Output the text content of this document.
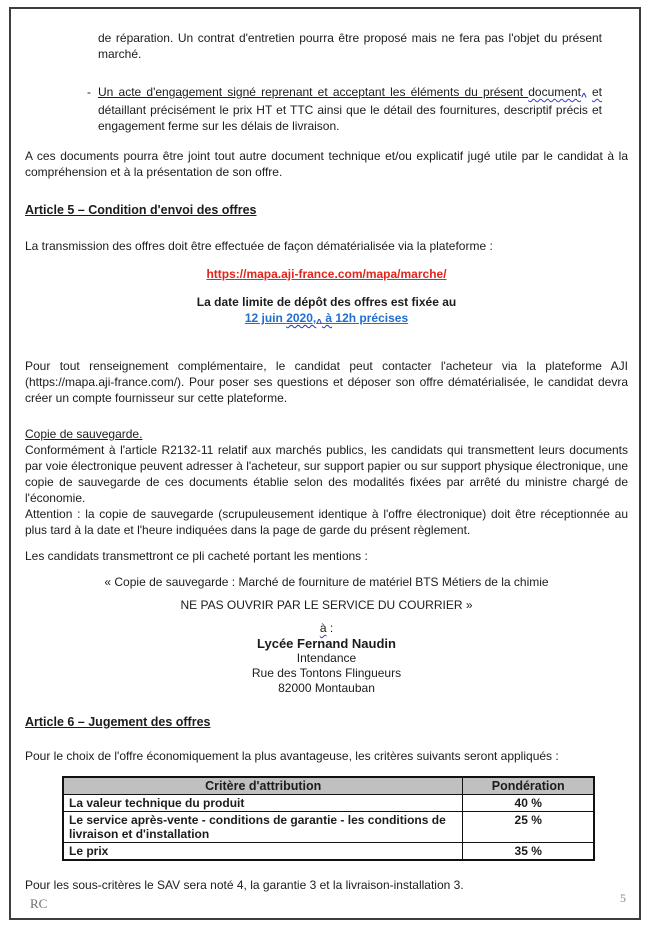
de réparation. Un contrat d'entretien pourra être proposé mais ne fera pas l'objet du présent marché.

- Un acte d'engagement signé reprenant et acceptant les éléments du présent document$_{\^{}}$ et détaillant précisément le prix HT et TTC ainsi que le détail des fournitures, descriptif précis et engagement ferme sur les délais de livraison.

A ces documents pourra être joint tout autre document technique et/ou explicatif jugé utile par le candidat à la compréhension et à la présentation de son offre.

Article 5 – Condition d'envoi des offres

La transmission des offres doit être effectuée de façon dématérialisée via la plateforme :

https://mapa.aji-france.com/mapa/marche/

La date limite de dépôt des offres est fixée au

12 juin $2020,_{\^{}}$ à 12h précises

Pour tout renseignement complémentaire, le candidat peut contacter l'acheteur via la plateforme AJI (https://mapa.aji-france.com/). Pour poser ses questions et déposer son offre dématérialisée, le candidat devra créer un compte fournisseur sur cette plateforme.

Copie de sauvegarde.

Conformément à l'article R2132-11 relatif aux marchés publics, les candidats qui transmettent leurs documents par voie électronique peuvent adresser à l'acheteur, sur support papier ou sur support physique électronique, une copie de sauvegarde de ces documents établie selon des modalités fixées par arrêté du ministre chargé de l'économie.

Attention : la copie de sauvegarde (scrupuleusement identique à l'offre électronique) doit être réceptionnée au plus tard à la date et l'heure indiquées dans la page de garde du présent règlement.

Les candidats transmettront ce pli cacheté portant les mentions :

« Copie de sauvegarde : Marché de fourniture de matériel BTS Métiers de la chimie

NE PAS OUVRIR PAR LE SERVICE DU COURRIER »

à :

Lycée Fernand Naudin

Intendance

Rue des Tontons Flingueurs

82000 Montauban

Article 6 – Jugement des offres

Pour le choix de l'offre économiquement la plus avantageuse, les critères suivants seront appliqués :

Critère d'attribution	Pondération
La valeur technique du produit	40 %
Le service après-vente - conditions de garantie - les conditions de livraison et d'installation	25 %
Le prix	35 %

Pour les sous-critères le SAV sera noté 4, la garantie 3 et la livraison-installation 3.

RC	5
